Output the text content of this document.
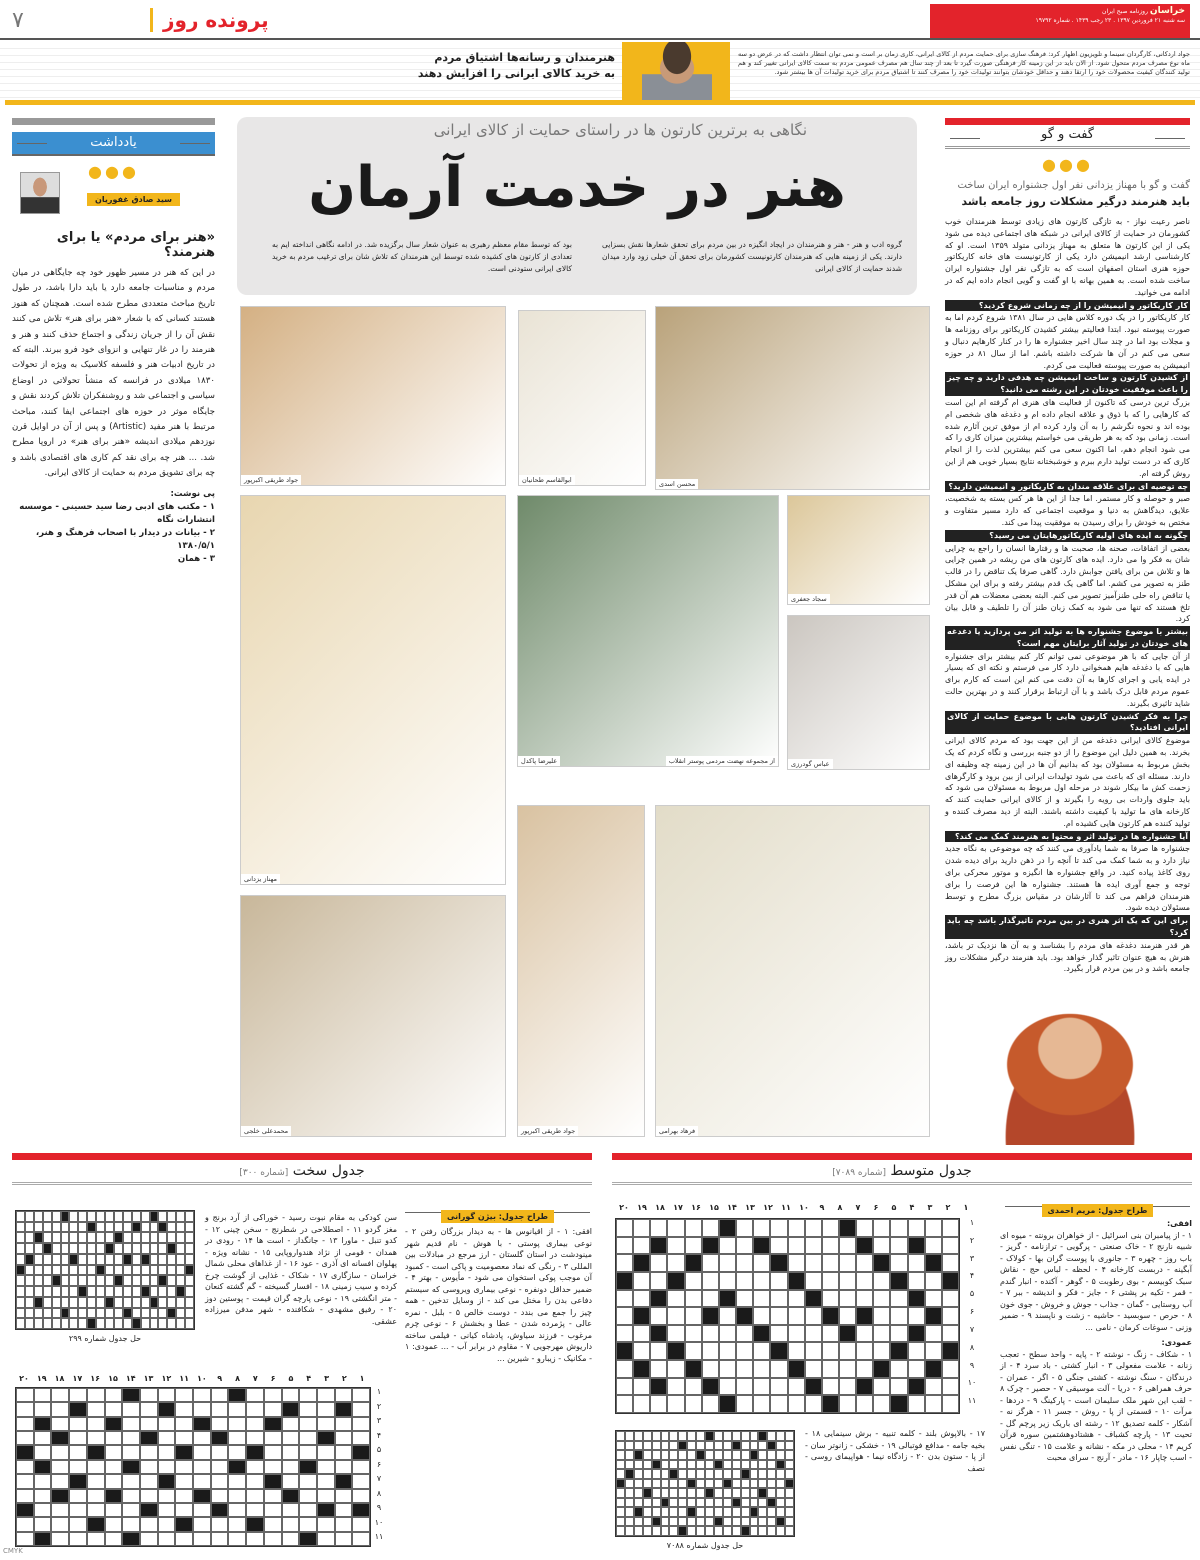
خراسان روزنامه صبح ایران
سه شنبه ۲۱ فروردین ۱۳۹۷ . ۲۳ رجب ۱۴۳۹ . شماره ۱۹۷۹۲
پرونده روز
۷
هنرمندان و رسانه‌ها اشتیاق مردم
به خرید کالای ایرانی را افزایش دهند
جواد اردکانی، کارگردان سینما و تلویزیون اظهار کرد: فرهنگ سازی برای حمایت مردم از کالای ایرانی، کاری زمان بر است و نمی توان انتظار داشت که در عرض دو سه ماه نوع مصرف مردم متحول شود. از الان باید در این زمینه کار فرهنگی صورت گیرد تا بعد از چند سال هم مصرف عمومی مردم به سمت کالای ایرانی تغییر کند و هم تولید کنندگان کیفیت محصولات خود را ارتقا دهند و حداقل خودشان بتوانند تولیدات خود را مصرف کنند تا اشتیاق مردم برای خرید تولیدات آن ها بیشتر شود.
یادداشت
●●●
سید صادق غفوریان
«هنر برای مردم» یا برای هنرمند؟
در این که هنر در مسیر ظهور خود چه جایگاهی در میان مردم و مناسبات جامعه دارد یا باید دارا باشد، در طول تاریخ مباحث متعددی مطرح شده است. همچنان که هنوز هستند کسانی که با شعار «هنر برای هنر» تلاش می کنند نقش آن را از جریان زندگی و اجتماع حذف کنند و هنر و هنرمند را در غار تنهایی و انزوای خود فرو ببرند. البته که در تاریخ ادبیات هنر و فلسفه کلاسیک به ویژه از تحولات ۱۸۳۰ میلادی در فرانسه که منشأ تحولاتی در اوضاع سیاسی و اجتماعی شد و روشنفکران تلاش کردند نقش و جایگاه موثر در حوزه های اجتماعی ایفا کنند، مباحث مرتبط با هنر مفید (Artistic) و پس از آن در اوایل قرن نوزدهم میلادی اندیشه «هنر برای هنر» در اروپا مطرح شد. ... هنر چه برای نقد کم کاری های اقتصادی باشد و چه برای تشویق مردم به حمایت از کالای ایرانی.
پی نوشت:
۱ - مکتب های ادبی رضا سید حسینی - موسسه انتشارات نگاه
۲ - بیانات در دیدار با اصحاب فرهنگ و هنر، ۱۳۸۰/۵/۱
۳ - همان
نگاهی به برترین کارتون ها در راستای حمایت از کالای ایرانی
هنر در خدمت آرمان
گروه ادب و هنر - هنر و هنرمندان در ایجاد انگیزه در بین مردم برای تحقق شعارها نقش بسزایی دارند. یکی از زمینه هایی که هنرمندان کارتونیست کشورمان برای تحقق آن خیلی زود وارد میدان شدند حمایت از کالای ایرانی
بود که توسط مقام معظم رهبری به عنوان شعار سال برگزیده شد. در ادامه نگاهی انداخته ایم به تعدادی از کارتون های کشیده شده توسط این هنرمندان که تلاش شان برای ترغیب مردم به خرید کالای ایرانی ستودنی است.
محسن اسدی
ابوالقاسم طحانیان
جواد طریقی اکبرپور
مهناز یزدانی
از مجموعه نهضت مردمی پوستر انقلاب
علیرضا پاکدل
سجاد جعفری
عباس گودرزی
محمدعلی خلجی	جواد طریقی اکبرپور	فرهاد بهرامی
گفت و گو
●●●
گفت و گو با مهناز یزدانی نفر اول جشنواره ایران ساخت
باید هنرمند درگیر مشکلات روز جامعه باشد
ناصر رعیت نواز - به تازگی کارتون های زیادی توسط هنرمندان خوب کشورمان در حمایت از کالای ایرانی در شبکه های اجتماعی دیده می شود یکی از این کارتون ها متعلق به مهناز یزدانی متولد ۱۳۵۹ است. او که کارشناسی ارشد انیمیشن دارد یکی از کارتونیست های خانه کاریکاتور حوزه هنری استان اصفهان است که به تازگی نفر اول جشنواره ایران ساخت شده است. به همین بهانه با او گفت و گویی انجام داده ایم که در ادامه می خوانید.
کار کاریکاتور و انیمیشن را از چه زمانی شروع کردید؟
کار کاریکاتور را در یک دوره کلاس هایی در سال ۱۳۸۱ شروع کردم اما به صورت پیوسته نبود. ابتدا فعالیتم بیشتر کشیدن کاریکاتور برای روزنامه ها و مجلات بود اما در چند سال اخیر جشنواره ها را در کنار کارهایم دنبال و سعی می کنم در آن ها شرکت داشته باشم. اما از سال ۸۱ در حوزه انیمیشن به صورت پیوسته فعالیت می کردم.
از کشیدن کارتون و ساخت انیمیشن چه هدفی دارید و چه چیز را باعث موفقیت خودتان در این رشته می دانید؟
بزرگ ترین درسی که تاکنون از فعالیت های هنری ام گرفته ام این است که کارهایی را که با ذوق و علاقه انجام داده ام و دغدغه های شخصی ام بوده اند و نحوه نگرشم را به آن وارد کرده ام از موفق ترین آثارم شده است. زمانی بود که به هر طریقی می خواستم بیشترین میزان کاری را که می شود انجام دهم، اما اکنون سعی می کنم بیشترین لذت را از انجام کاری که در دست تولید دارم ببرم و خوشبختانه نتایج بسیار خوبی هم از این روش گرفته ام.
چه توصیه ای برای علاقه مندان به کاریکاتور و انیمیشن دارید؟
صبر و حوصله و کار مستمر. اما جدا از این ها هر کس بسته به شخصیت، علایق، دیدگاهش به دنیا و موقعیت اجتماعی که دارد مسیر متفاوت و مختص به خودش را برای رسیدن به موفقیت پیدا می کند.
چگونه به ایده های اولیه کاریکاتورهایتان می رسید؟
بعضی از اتفاقات، صحنه ها، صحبت ها و رفتارها انسان را راجع به چرایی شان به فکر وا می دارد. ایده های کارتون های من ریشه در همین چرایی ها و تلاش من برای یافتن جوابش دارد. گاهی صرفا یک تناقض را در قالب طنز به تصویر می کشم. اما گاهی یک قدم بیشتر رفته و برای این مشکل یا تناقض راه حلی طنزآمیز تصویر می کنم. البته بعضی معضلات هم آن قدر تلخ هستند که تنها می شود به کمک زبان طنز آن را تلطیف و قابل بیان کرد.
بیشتر با موضوع جشنواره ها به تولید اثر می پردازید یا دغدغه های خودتان در تولید آثار برایتان مهم است؟
از آن جایی که با هر موضوعی نمی توانم کار کنم بیشتر برای جشنواره هایی که با دغدغه هایم همخوانی دارد کار می فرستم و نکته ای که بسیار در ایده یابی و اجرای کارها به آن دقت می کنم این است که کارم برای عموم مردم قابل درک باشد و با آن ارتباط برقرار کنند و در بهترین حالت شاید تاثیری بگیرند.
چرا به فکر کشیدن کارتون هایی با موضوع حمایت از کالای ایرانی افتادید؟
موضوع کالای ایرانی دغدغه من از این جهت بود که مردم کالای ایرانی بخرند. به همین دلیل این موضوع را از دو جنبه بررسی و نگاه کردم که یک بخش مربوط به مسئولان بود که بدانیم آن ها در این زمینه چه وظیفه ای دارند. مسئله ای که باعث می شود تولیدات ایرانی از بین برود و کارگرهای زحمت کش ما بیکار شوند در مرحله اول مربوط به مسئولان می شود که باید جلوی واردات بی رویه را بگیرند و از کالای ایرانی حمایت کنند که کارخانه های ما تولید با کیفیت داشته باشند. البته از دید مصرف کننده و تولید کننده هم کارتون هایی کشیده ام.
آیا جشنواره ها در تولید اثر و محتوا به هنرمند کمک می کند؟
جشنواره ها صرفا به شما یادآوری می کنند که چه موضوعی به نگاه جدید نیاز دارد و به شما کمک می کند تا آنچه را در ذهن دارید برای دیده شدن روی کاغذ پیاده کنید. در واقع جشنواره ها انگیزه و موتور محرکی برای توجه و جمع آوری ایده ها هستند. جشنواره ها این فرصت را برای هنرمندان فراهم می کند تا آثارشان در مقیاس بزرگ مطرح و توسط مسئولان دیده شود.
برای این که یک اثر هنری در بین مردم تاثیرگذار باشد چه باید کرد؟
هر قدر هنرمند دغدغه های مردم را بشناسد و به آن ها نزدیک تر باشد، هنرش به هیچ عنوان تاثیر گذار خواهد بود. باید هنرمند درگیر مشکلات روز جامعه باشد و در بین مردم قرار بگیرد.
جدول سخت [شماره ۳۰۰]
طراح جدول: بیژن گورانی
افقی: ۱ - از اقیانوس ها - به دیدار بزرگان رفتن ۲ - نوعی بیماری پوستی - با هوش - نام قدیم شهر مینودشت در استان گلستان - ارز مرجع در مبادلات بین المللی ۳ - رنگی که نماد معصومیت و پاکی است - کمبود آن موجب پوکی استخوان می شود - مأیوس - بهتر ۴ - ضمیر حداقل دونفره - نوعی بیماری ویروسی که سیستم دفاعی بدن را مختل می کند - از وسایل تدخین - همه چیز را جمع می بندد - دوست خالص ۵ - بلبل - نمره عالی - پژمرده شدن - عطا و بخشش ۶ - نوعی چرم مرغوب - فرزند سیاوش، پادشاه کیانی - فیلمی ساخته داریوش مهرجویی ۷ - مقاوم در برابر آب - ... عمودی: ۱ - مکانیک - زیبارو - شیرین ...
سن کودکی به مقام نبوت رسید - خوراکی از آرد برنج و مغز گردو ۱۱ - اصطلاحی در شطرنج - سخن چینی ۱۲ - کدو تنبل - ماورا ۱۳ - جانگداز - است ها ۱۴ - رودی در همدان - قومی از نژاد هندواروپایی ۱۵ - نشانه ویژه - پهلوان افسانه ای آذری - عود ۱۶ - از غذاهای محلی شمال خراسان - سازگاری ۱۷ - شکاک - غذایی از گوشت چرخ کرده و سیب زمینی ۱۸ - افسار گسیخته - گم گشته کنعان - متر انگشتی ۱۹ - نوعی پارچه گران قیمت - پوستین دوز ۲۰ - رفیق مشهدی - شکافنده - شهر مدفن میرزاده عشقی.
حل جدول شماره ۲۹۹
۱
۲
۳
۴
۵
۶
۷
۸
۹
۱۰
۱۱
۱۲
۱۳
۱۴
۱۵
۱۶
۱۷
۱۸
۱۹
۲۰
۱
۲
۳
۴
۵
۶
۷
۸
۹
۱۰
۱۱
جدول متوسط [شماره ۷۰۸۹]
طراح جدول: مریم احمدی
افقی:
۱ - از پیامبران بنی اسرائیل - از خواهران برونته - میوه ای شبیه نارنج ۲ - خاک صنعتی - پرگویی - ترازنامه - گریز - باب روز - چهره ۳ - جانوری با پوست گران بها - کولاک - آبگینه - دربست کارخانه ۴ - لحظه - لباس حج - نقاش سبک کوبیسم - بوی رطوبت ۵ - گوهر - آکنده - انبار گندم - قمر - تکیه بر پشتی ۶ - جایز - فکر و اندیشه - ببر ۷ - آب روستایی - گمان - جذاب - جوش و خروش - جوی خون ۸ - حرص - سوبسید - حاشیه - زشت و ناپسند ۹ - ضمیر وزنی - سوغات کرمان - نامی ...
عمودی:
۱ - شکاف - زنگ - نوشته ۲ - پایه - واحد سطح - تعجب زنانه - علامت مفعولی ۳ - انبار کشتی - باد سرد ۴ - از درندگان - سنگ نوشته - کشتی جنگی ۵ - اگر - عمران - حرف همراهی ۶ - دریا - آلت موسیقی ۷ - حصیر - چرک ۸ - لقب این شهر ملک سلیمان است - پارکینگ ۹ - دردها - مرآت ۱۰ - قسمتی از پا - روش - جسر ۱۱ - هرگز نه - آشکار - کلمه تصدیق ۱۲ - رشته ای باریک زیر پرچم گل - تحیت ۱۳ - پارچه کشباف - هشتادوهشتمین سوره قرآن کریم ۱۴ - محلی در مکه - نشانه و علامت ۱۵ - تنگی نفس - اسب چاپار ۱۶ - مادر - آرنج - سرای محبت
۱۷ - بالاپوش بلند - کلمه تنبیه - برش سینمایی ۱۸ - بخیه جامه - مدافع فوتبالی ۱۹ - خشکی - زانوتر سان - از پا - ستون بدن ۲۰ - زادگاه نیما - هواپیمای روسی - نصف
۱
۲
۳
۴
۵
۶
۷
۸
۹
۱۰
۱۱
۱۲
۱۳
۱۴
۱۵
۱۶
۱۷
۱۸
۱۹
۲۰
۱
۲
۳
۴
۵
۶
۷
۸
۹
۱۰
۱۱
حل جدول شماره ۷۰۸۸
CMYK
